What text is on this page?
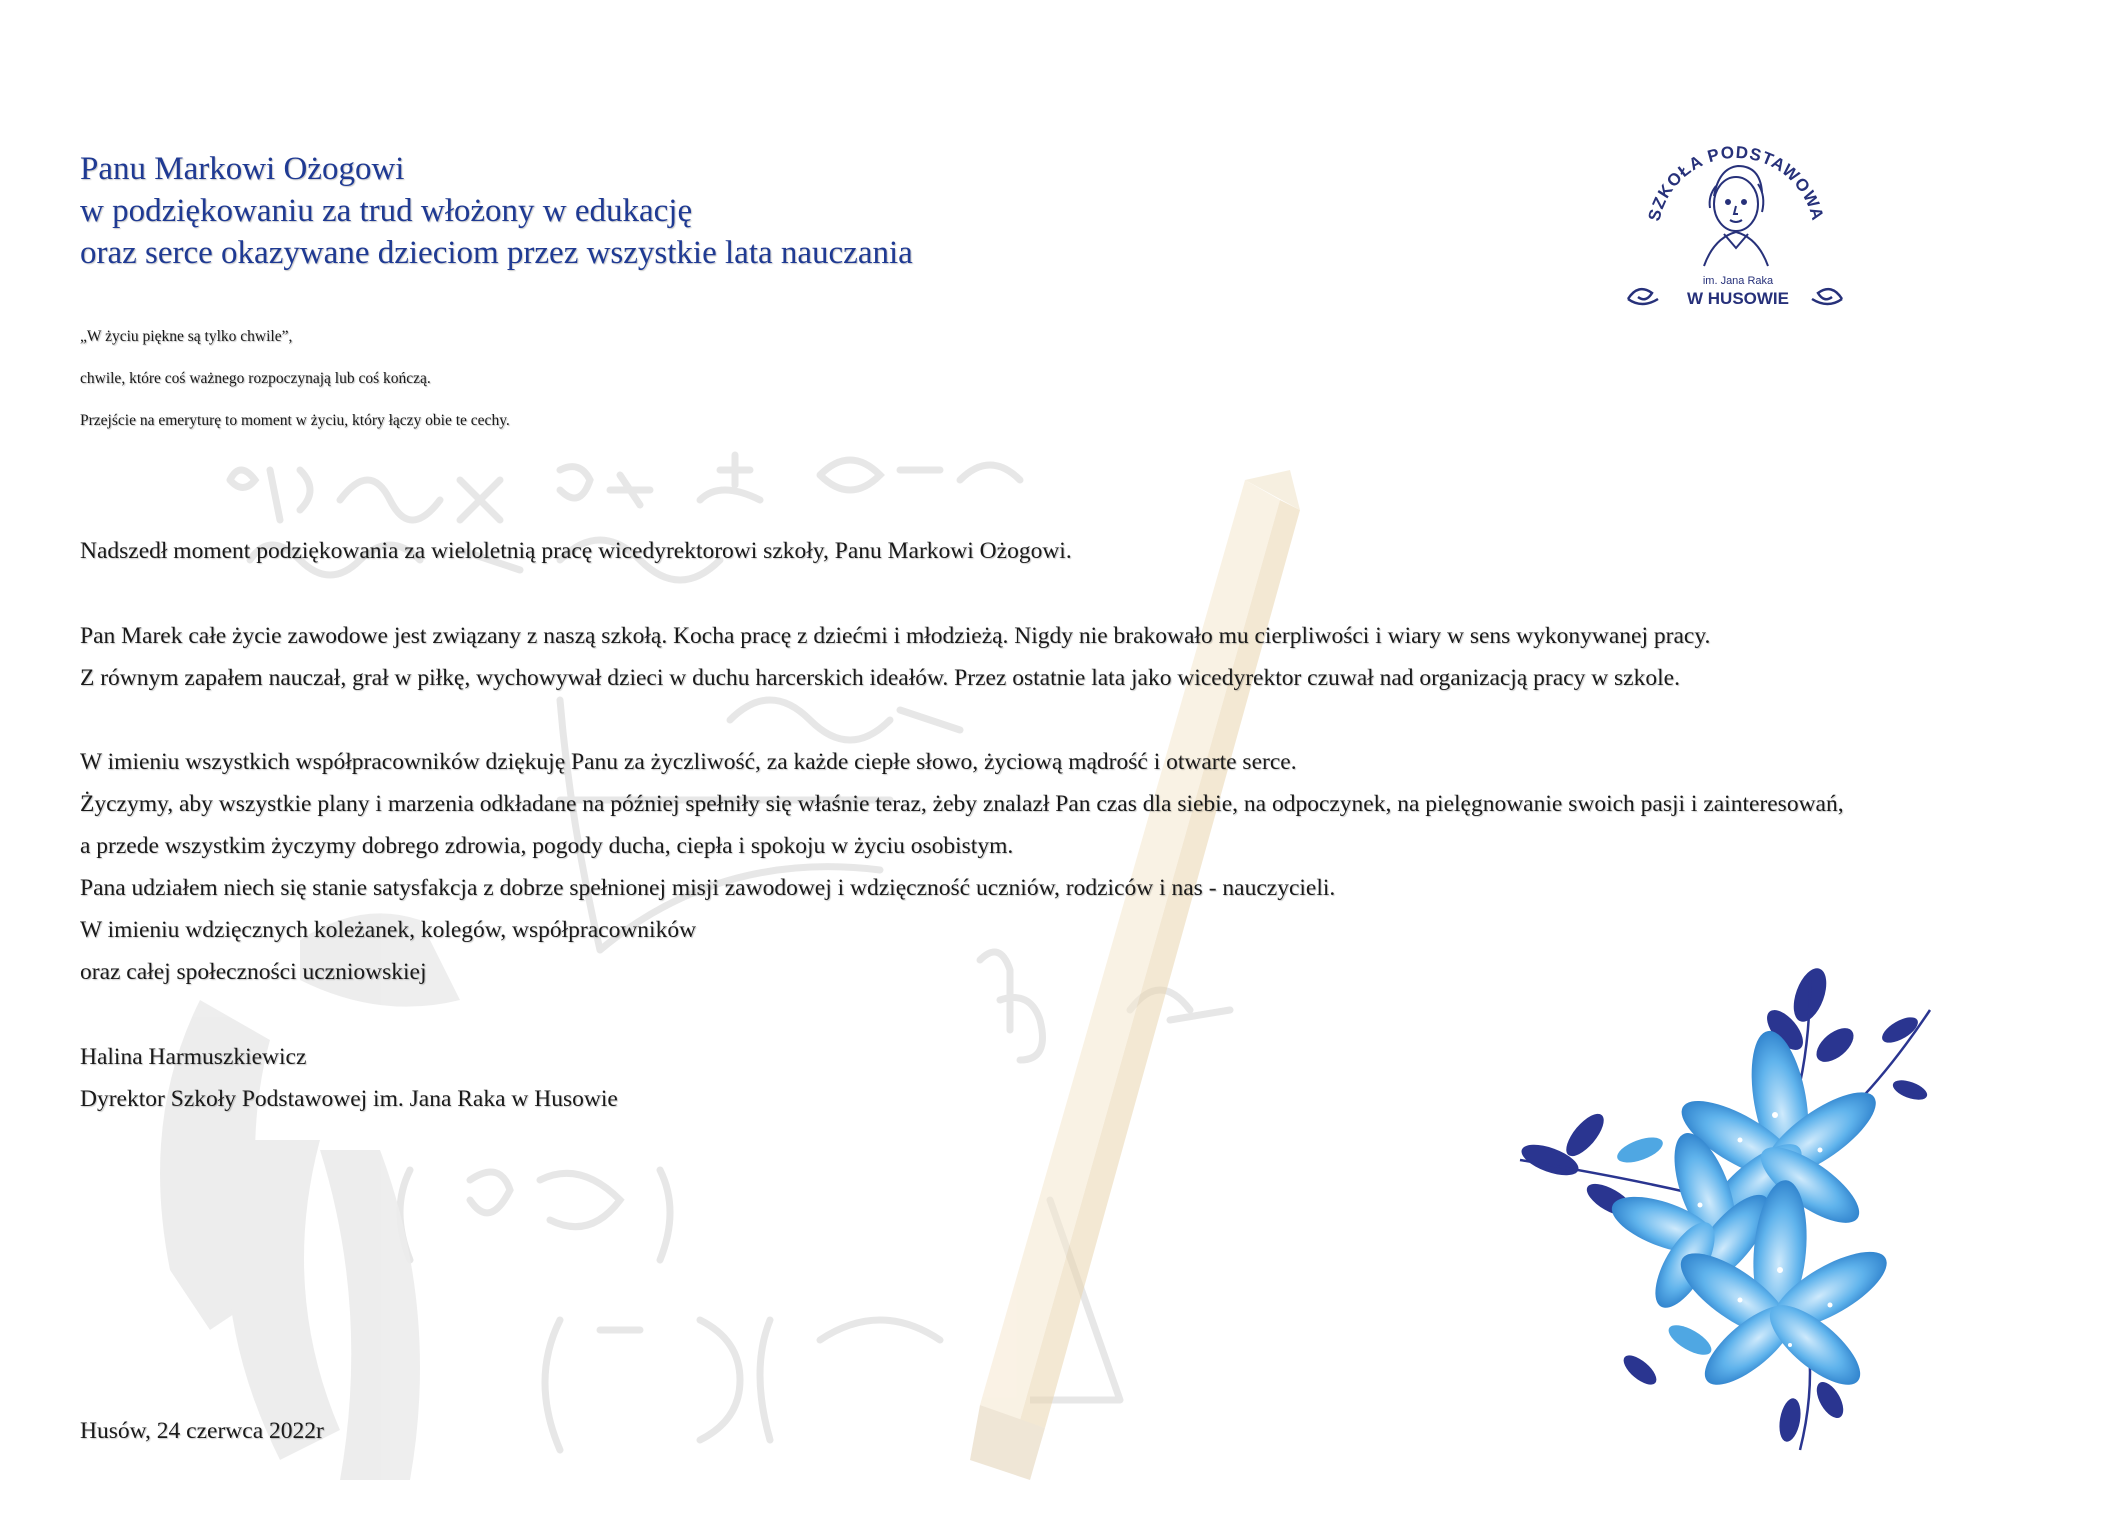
Panu Markowi Ożogowi
w podziękowaniu za trud włożony w edukację
oraz serce okazywane dzieciom przez wszystkie lata nauczania
„W życiu piękne są tylko chwile”,
chwile, które coś ważnego rozpoczynają lub coś kończą.
Przejście na emeryturę to moment w życiu, który łączy obie te cechy.
Nadszedł moment podziękowania za wieloletnią pracę wicedyrektorowi szkoły, Panu Markowi Ożogowi.
Pan Marek całe życie zawodowe jest związany z naszą szkołą. Kocha pracę z dziećmi i młodzieżą. Nigdy nie brakowało mu cierpliwości i wiary w sens wykonywanej pracy.
Z równym zapałem nauczał, grał w piłkę, wychowywał dzieci w duchu harcerskich ideałów. Przez ostatnie lata jako wicedyrektor czuwał nad organizacją pracy w szkole.
W imieniu wszystkich współpracowników dziękuję Panu za życzliwość, za każde ciepłe słowo, życiową mądrość i otwarte serce.
Życzymy, aby wszystkie plany i marzenia odkładane na później spełniły się właśnie teraz, żeby znalazł Pan czas dla siebie, na odpoczynek, na pielęgnowanie swoich pasji i zainteresowań,
a przede wszystkim życzymy dobrego zdrowia, pogody ducha, ciepła i spokoju w życiu osobistym.
Pana udziałem niech się stanie satysfakcja z dobrze spełnionej misji zawodowej i wdzięczność uczniów, rodziców i nas - nauczycieli.
W imieniu wdzięcznych koleżanek, kolegów, współpracowników
oraz całej społeczności uczniowskiej
Halina Harmuszkiewicz
Dyrektor Szkoły Podstawowej im. Jana Raka w Husowie
Husów, 24 czerwca 2022r
SZKOŁA PODSTAWOWA
im. Jana Raka
W HUSOWIE
